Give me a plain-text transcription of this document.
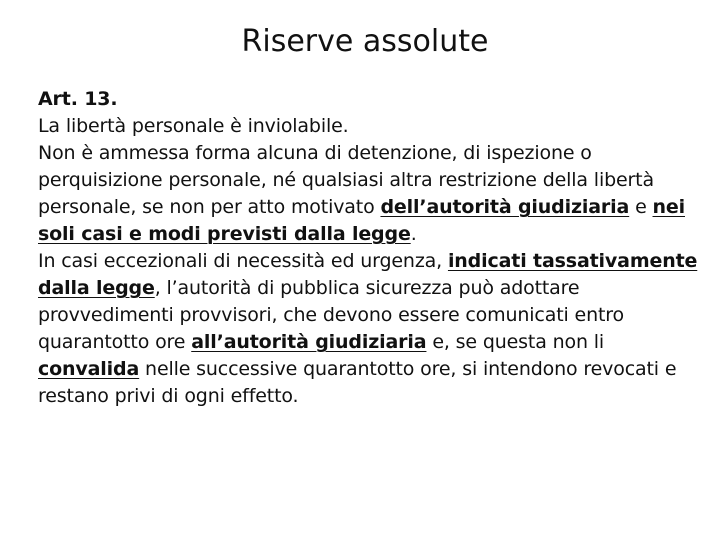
Riserve assolute

Art. 13.

La libertà personale è inviolabile.

Non è ammessa forma alcuna di detenzione, di ispezione o perquisizione personale, né qualsiasi altra restrizione della libertà personale, se non per atto motivato dell’autorità giudiziaria e nei soli casi e modi previsti dalla legge.

In casi eccezionali di necessità ed urgenza, indicati tassativamente dalla legge, l’autorità di pubblica sicurezza può adottare provvedimenti provvisori, che devono essere comunicati entro quarantotto ore all’autorità giudiziaria e, se questa non li convalida nelle successive quarantotto ore, si intendono revocati e restano privi di ogni effetto.
